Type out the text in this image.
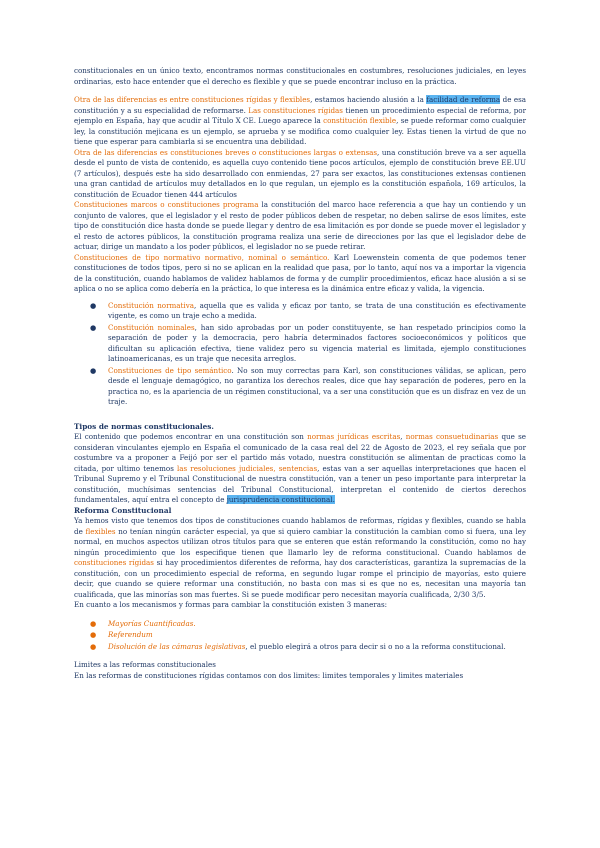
constitucionales en un único texto, encontramos normas constitucionales en costumbres, resoluciones judiciales, en leyes ordinarias, esto hace entender que el derecho es flexible y que se puede encontrar incluso en la práctica.

Otra de las diferencias es entre constituciones rígidas y flexibles, estamos haciendo alusión a la facilidad de reforma de esa constitución y a su especialidad de reformarse. Las constituciones rígidas tienen un procedimiento especial de reforma, por ejemplo en España, hay que acudir al Título X CE. Luego aparece la constitución flexible, se puede reformar como cualquier ley, la constitución mejicana es un ejemplo, se aprueba y se modifica como cualquier ley. Estas tienen la virtud de que no tiene que esperar para cambiarla si se encuentra una debilidad.

Otra de las diferencias es constituciones breves o constituciones largas o extensas, una constitución breve va a ser aquella desde el punto de vista de contenido, es aquella cuyo contenido tiene pocos artículos, ejemplo de constitución breve EE.UU (7 artículos), después este ha sido desarrollado con enmiendas, 27 para ser exactos, las constituciones extensas contienen una gran cantidad de artículos muy detallados en lo que regulan, un ejemplo es la constitución española, 169 artículos, la constitución de Ecuador tienen 444 artículos

Constituciones marcos o constituciones programa la constitución del marco hace referencia a que hay un contiendo y un conjunto de valores, que el legislador y el resto de poder públicos deben de respetar, no deben salirse de esos límites, este tipo de constitución dice hasta donde se puede llegar y dentro de esa limitación es por donde se puede mover el legislador y el resto de actores públicos, la constitución programa realiza una serie de direcciones por las que el legislador debe de actuar, dirige un mandato a los poder públicos, el legislador no se puede retirar.

Constituciones de tipo normativo normativo, nominal o semántico. Karl Loewenstein comenta de que podemos tener constituciones de todos tipos, pero si no se aplican en la realidad que pasa, por lo tanto, aquí nos va a importar la vigencia de la constitución, cuando hablamos de validez hablamos de forma y de cumplir procedimientos, eficaz hace alusión a si se aplica o no se aplica como debería en la práctica, lo que interesa es la dinámica entre eficaz y valida, la vigencia.

● Constitución normativa, aquella que es valida y eficaz por tanto, se trata de una constitución es efectivamente vigente, es como un traje echo a medida.
● Constitución nominales, han sido aprobadas por un poder constituyente, se han respetado principios como la separación de poder y la democracia, pero habría determinados factores socioeconómicos y políticos que dificultan su aplicación efectiva, tiene validez pero su vigencia material es limitada, ejemplo constituciones latinoamericanas, es un traje que necesita arreglos.
● Constituciones de tipo semántico. No son muy correctas para Karl, son constituciones válidas, se aplican, pero desde el lenguaje demagógico, no garantiza los derechos reales, dice que hay separación de poderes, pero en la practica no, es la apariencia de un régimen constitucional, va a ser una constitución que es un disfraz en vez de un traje.
Tipos de normas constitucionales.

El contenido que podemos encontrar en una constitución son normas jurídicas escritas, normas consuetudinarias que se consideran vinculantes ejemplo en España el comunicado de la casa real del 22 de Agosto de 2023, el rey señala que por costumbre va a proponer a Feijó por ser el partido más votado, nuestra constitución se alimentan de practicas como la citada, por ultimo tenemos las resoluciones judiciales, sentencias, estas van a ser aquellas interpretaciones que hacen el Tribunal Supremo y el Tribunal Constitucional de nuestra constitución, van a tener un peso importante para interpretar la constitución, muchísimas sentencias del Tribunal Constitucional, interpretan el contenido de ciertos derechos fundamentales, aquí entra el concepto de jurisprudencia constitucional.

Reforma Constitucional

Ya hemos visto que tenemos dos tipos de constituciones cuando hablamos de reformas, rígidas y flexibles, cuando se habla de flexibles no tenían ningún carácter especial, ya que si quiero cambiar la constitución la cambian como si fuera, una ley normal, en muchos aspectos utilizan otros títulos para que se enteren que están reformando la constitución, como no hay ningún procedimiento que los especifique tienen que llamarlo ley de reforma constitucional. Cuando hablamos de constituciones rígidas si hay procedimientos diferentes de reforma, hay dos características, garantiza la supremacías de la constitución, con un procedimiento especial de reforma, en segundo lugar rompe el principio de mayorías, esto quiere decir, que cuando se quiere reformar una constitución, no basta con mas si es que no es, necesitan una mayoría tan cualificada, que las minorías son mas fuertes. Si se puede modificar pero necesitan mayoría cualificada, 2/30 3/5.

En cuanto a los mecanismos y formas para cambiar la constitución existen 3 maneras:

● Mayorías Cuantificadas.
● Referendum
● Disolución de las cámaras legislativas, el pueblo elegirá a otros para decir si o no a la reforma constitucional.

Limites a las reformas constitucionales

En las reformas de constituciones rígidas contamos con dos limites: limites temporales y limites materiales
